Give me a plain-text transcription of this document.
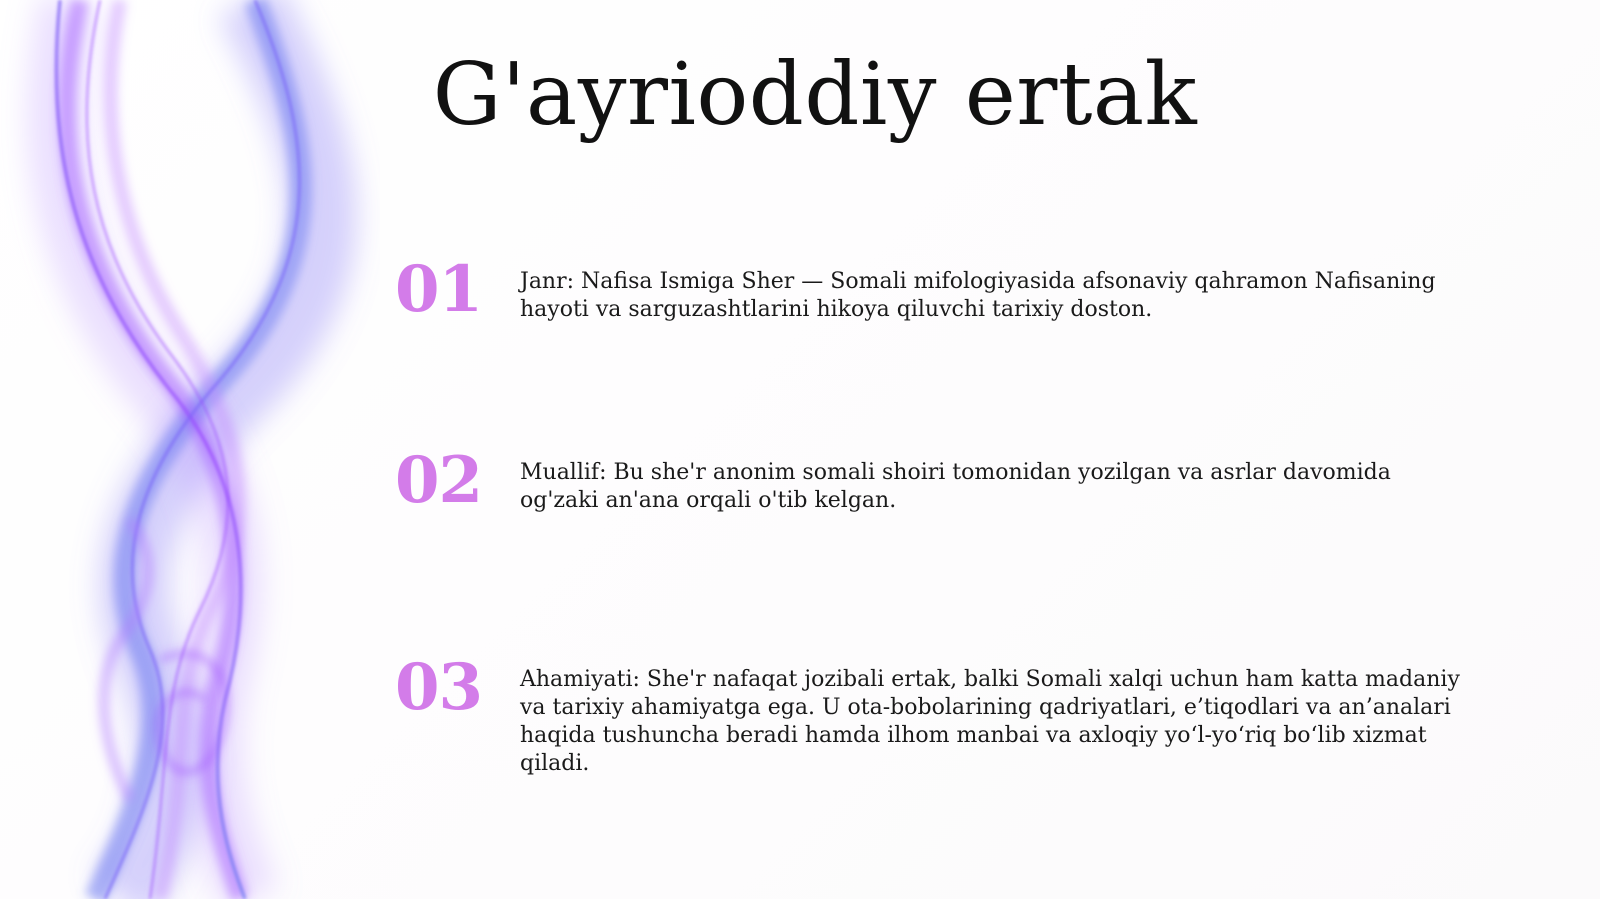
G'ayrioddiy ertak
01	Janr: Nafisa Ismiga Sher — Somali mifologiyasida afsonaviy qahramon Nafisaning hayoti va sarguzashtlarini hikoya qiluvchi tarixiy doston.
02	Muallif: Bu she'r anonim somali shoiri tomonidan yozilgan va asrlar davomida og'zaki an'ana orqali o'tib kelgan.
03	Ahamiyati: She'r nafaqat jozibali ertak, balki Somali xalqi uchun ham katta madaniy va tarixiy ahamiyatga ega. U ota-bobolarining qadriyatlari, e’tiqodlari va an’analari haqida tushuncha beradi hamda ilhom manbai va axloqiy yo‘l-yo‘riq bo‘lib xizmat qiladi.
